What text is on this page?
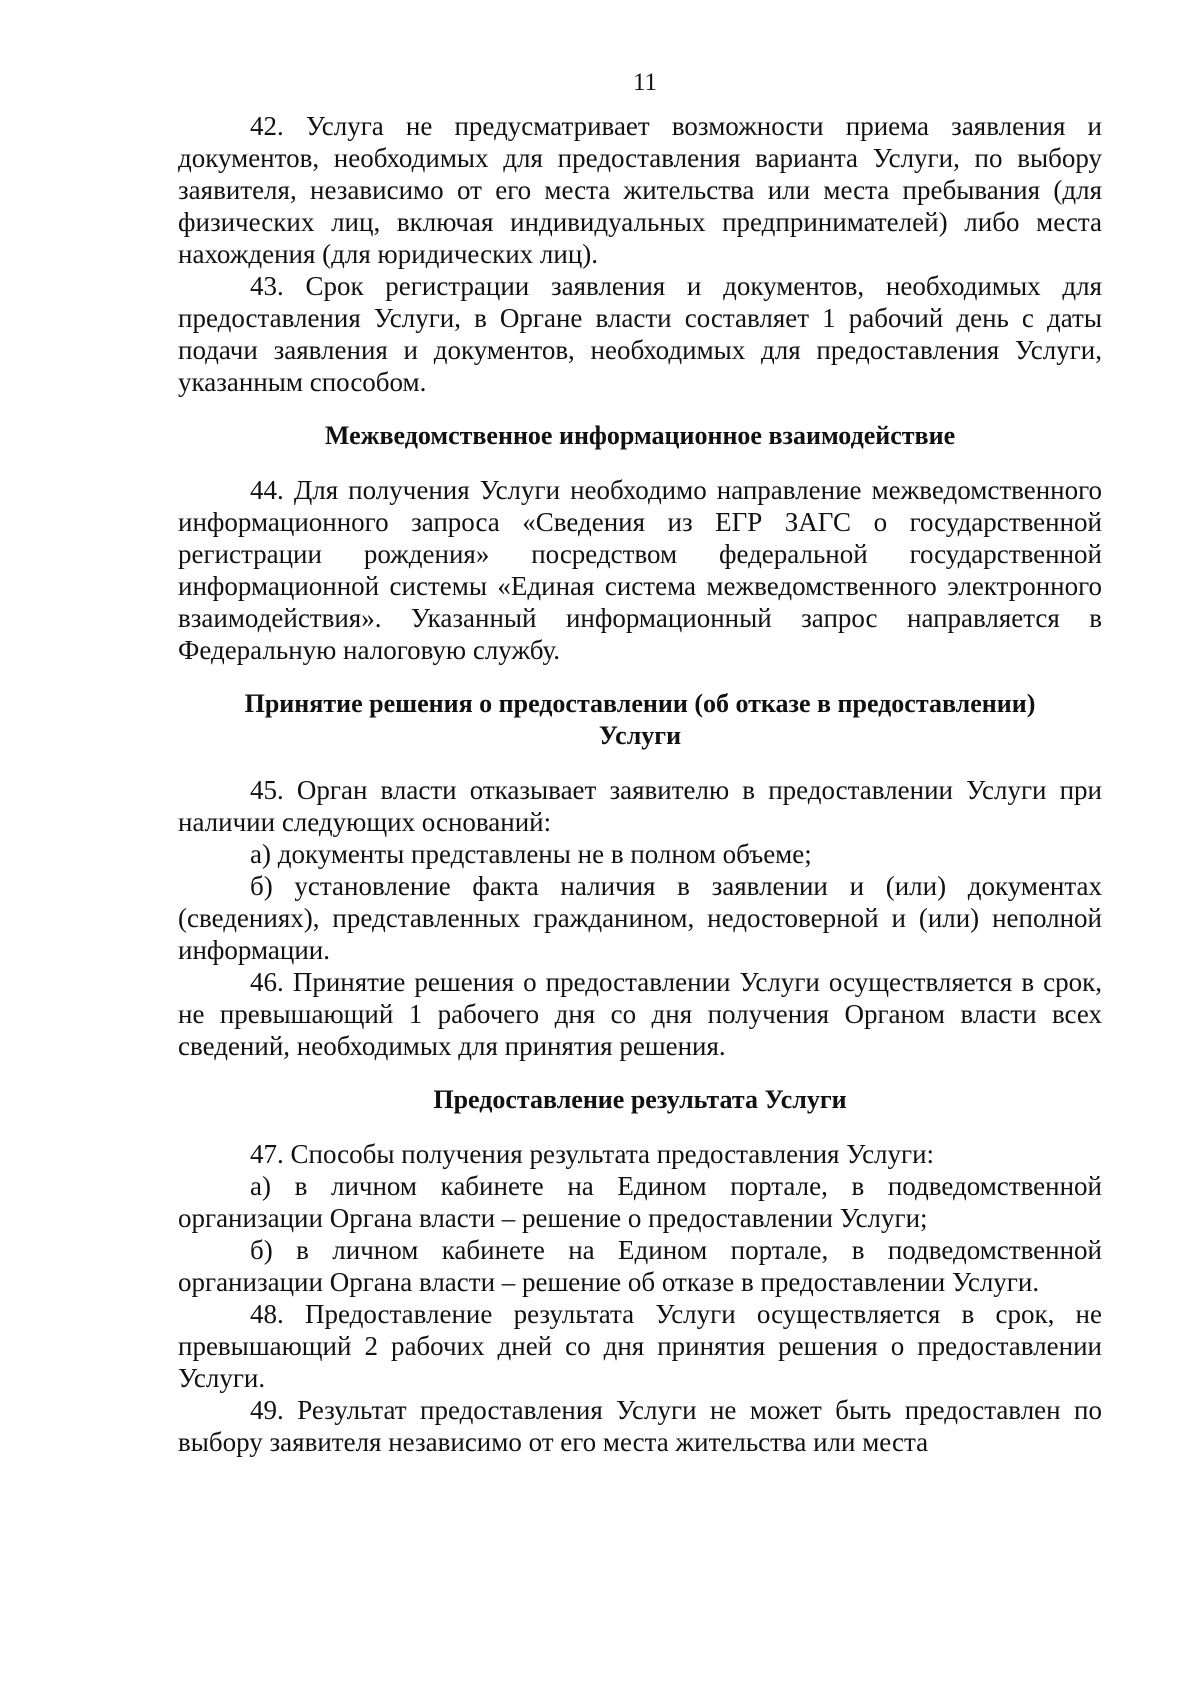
11

42. Услуга не предусматривает возможности приема заявления и документов, необходимых для предоставления варианта Услуги, по выбору заявителя, независимо от его места жительства или места пребывания (для физических лиц, включая индивидуальных предпринимателей) либо места нахождения (для юридических лиц).

43. Срок регистрации заявления и документов, необходимых для предоставления Услуги, в Органе власти составляет 1 рабочий день с даты подачи заявления и документов, необходимых для предоставления Услуги, указанным способом.

Межведомственное информационное взаимодействие

44. Для получения Услуги необходимо направление межведомственного информационного запроса «Сведения из ЕГР ЗАГС о государственной регистрации рождения» посредством федеральной государственной информационной системы «Единая система межведомственного электронного взаимодействия». Указанный информационный запрос направляется в Федеральную налоговую службу.

Принятие решения о предоставлении (об отказе в предоставлении)
Услуги

45. Орган власти отказывает заявителю в предоставлении Услуги при наличии следующих оснований:

а) документы представлены не в полном объеме;

б) установление факта наличия в заявлении и (или) документах (сведениях), представленных гражданином, недостоверной и (или) неполной информации.

46. Принятие решения о предоставлении Услуги осуществляется в срок, не превышающий 1 рабочего дня со дня получения Органом власти всех сведений, необходимых для принятия решения.

Предоставление результата Услуги

47. Способы получения результата предоставления Услуги:

а) в личном кабинете на Едином портале, в подведомственной организации Органа власти – решение о предоставлении Услуги;

б) в личном кабинете на Едином портале, в подведомственной организации Органа власти – решение об отказе в предоставлении Услуги.

48. Предоставление результата Услуги осуществляется в срок, не превышающий 2 рабочих дней со дня принятия решения о предоставлении Услуги.

49. Результат предоставления Услуги не может быть предоставлен по выбору заявителя независимо от его места жительства или места
